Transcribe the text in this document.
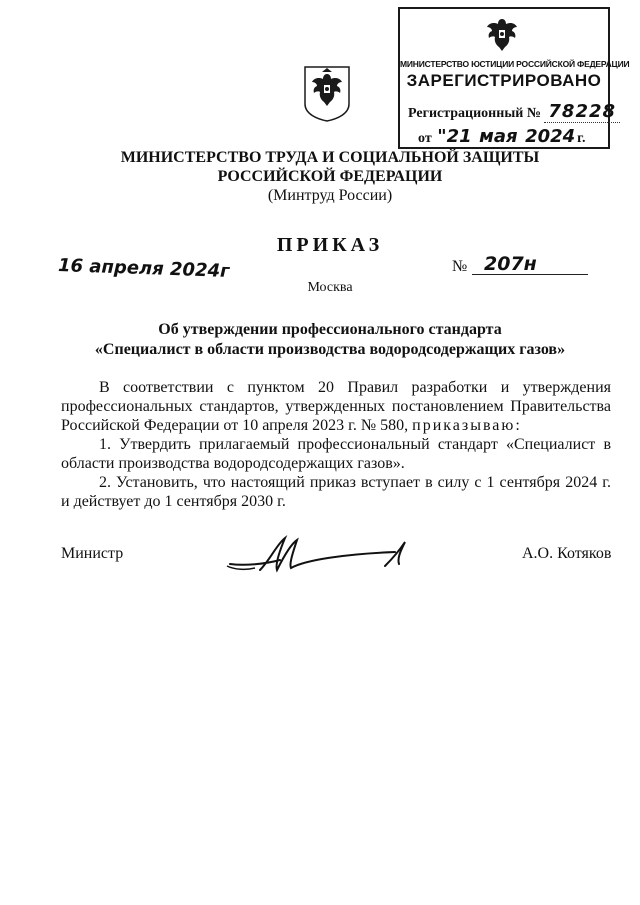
МИНИСТЕРСТВО ЮСТИЦИИ РОССИЙСКОЙ ФЕДЕРАЦИИ
ЗАРЕГИСТРИРОВАНО
Регистрационный № 78228
от "21 мая 2024 г.
МИНИСТЕРСТВО ТРУДА И СОЦИАЛЬНОЙ ЗАЩИТЫ
РОССИЙСКОЙ ФЕДЕРАЦИИ
(Минтруд России)
ПРИКАЗ
16 апреля 2024г	№ 207н
Москва
Об утверждении профессионального стандарта
«Специалист в области производства водородсодержащих газов»

В соответствии с пунктом 20 Правил разработки и утверждения профессиональных стандартов, утвержденных постановлением Правительства Российской Федерации от 10 апреля 2023 г. № 580, приказываю:

1. Утвердить прилагаемый профессиональный стандарт «Специалист в области производства водородсодержащих газов».

2. Установить, что настоящий приказ вступает в силу с 1 сентября 2024 г. и действует до 1 сентября 2030 г.

Министр	А.О. Котяков
